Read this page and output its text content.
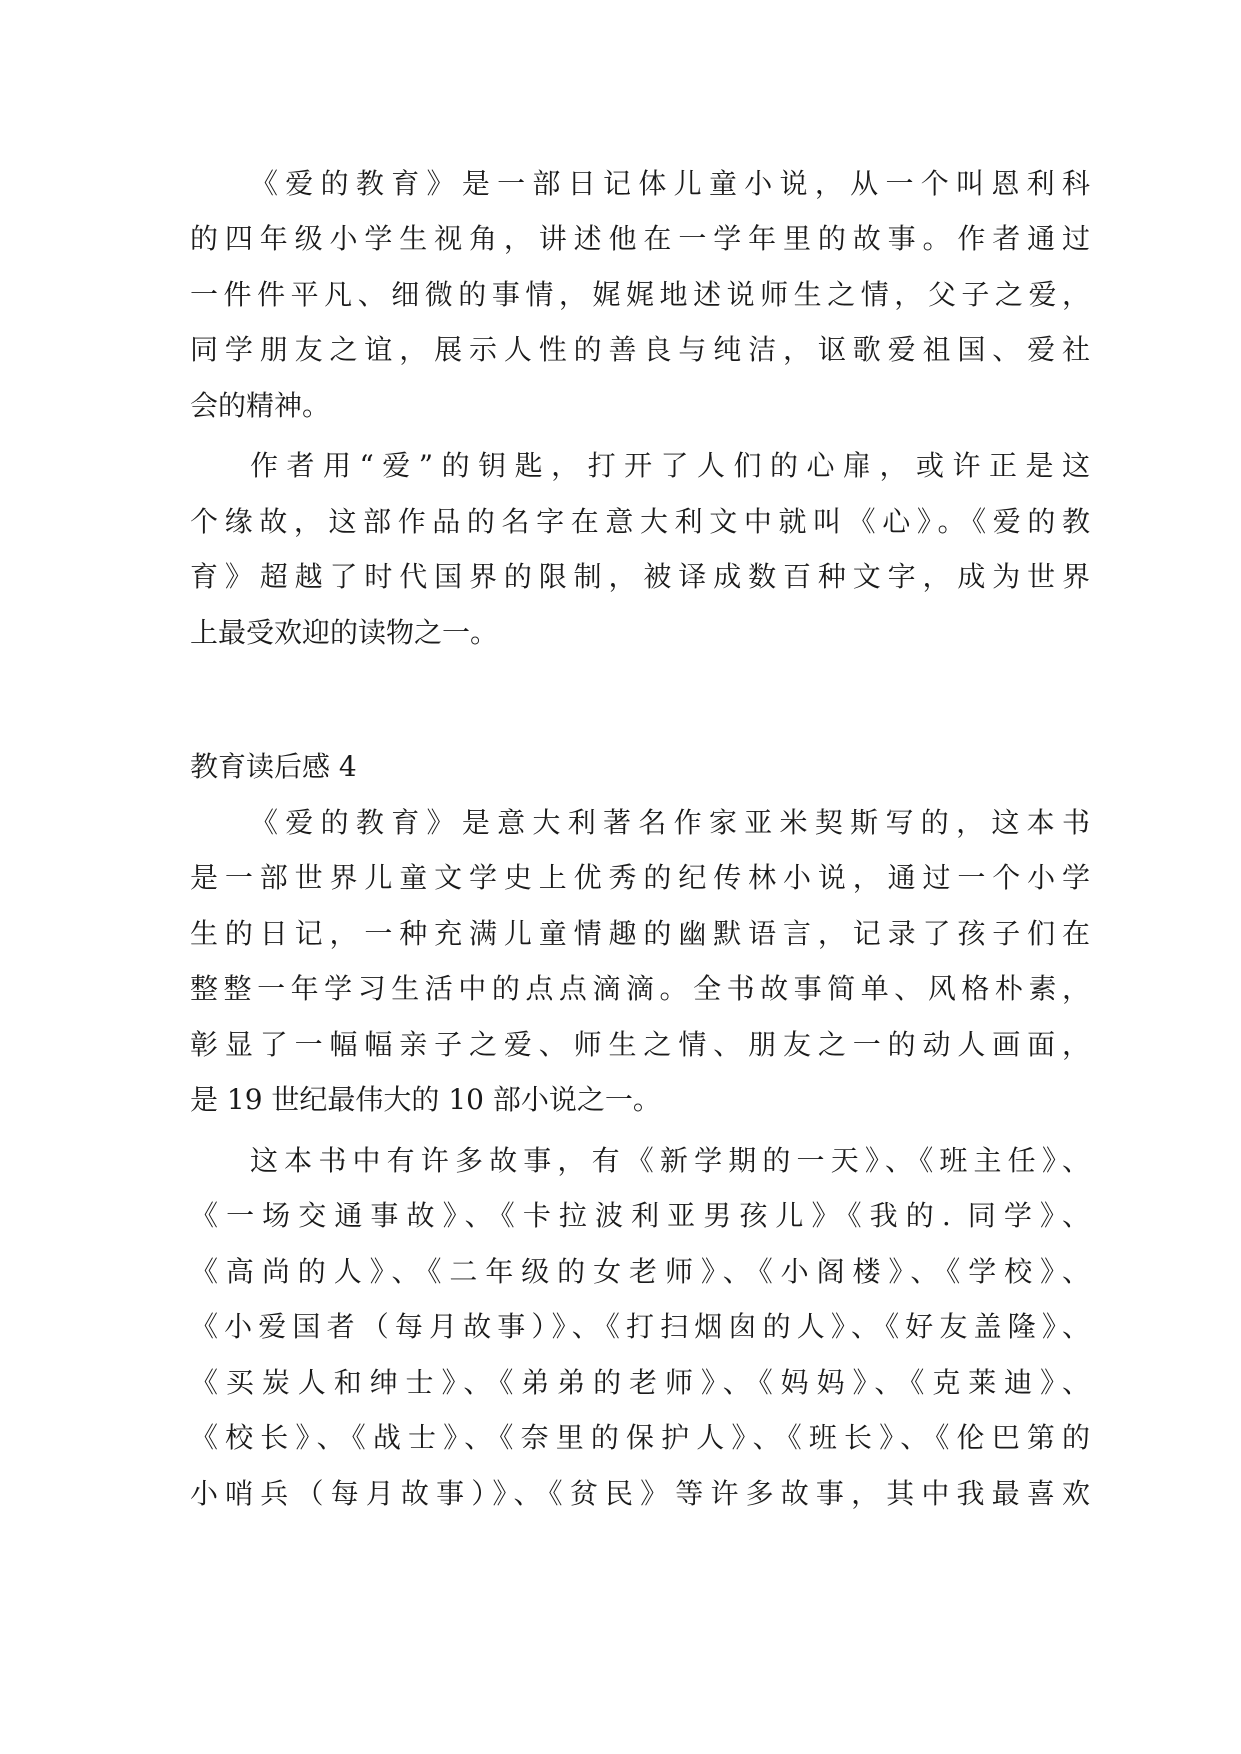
《爱的教育》是一部日记体儿童小说，从一个叫恩利科
的四年级小学生视角，讲述他在一学年里的故事。作者通过
一件件平凡、细微的事情，娓娓地述说师生之情，父子之爱，
同学朋友之谊，展示人性的善良与纯洁，讴歌爱祖国、爱社
会的精神。
作者用“爱”的钥匙，打开了人们的心扉，或许正是这
个缘故，这部作品的名字在意大利文中就叫《心》。《爱的教
育》超越了时代国界的限制，被译成数百种文字，成为世界
上最受欢迎的读物之一。
教育读后感 4
《爱的教育》是意大利著名作家亚米契斯写的，这本书
是一部世界儿童文学史上优秀的纪传林小说，通过一个小学
生的日记，一种充满儿童情趣的幽默语言，记录了孩子们在
整整一年学习生活中的点点滴滴。全书故事简单、风格朴素，
彰显了一幅幅亲子之爱、师生之情、朋友之一的动人画面，
是 19 世纪最伟大的 10 部小说之一。
这本书中有许多故事，有《新学期的一天》、《班主任》、
《一场交通事故》、《卡拉波利亚男孩儿》《我的. 同学》、
《高尚的人》、《二年级的女老师》、《小阁楼》、《学校》、
《小爱国者（每月故事）》、《打扫烟囱的人》、《好友盖隆》、
《买炭人和绅士》、《弟弟的老师》、《妈妈》、《克莱迪》、
《校长》、《战士》、《奈里的保护人》、《班长》、《伦巴第的
小哨兵（每月故事）》、《贫民》等许多故事，其中我最喜欢
